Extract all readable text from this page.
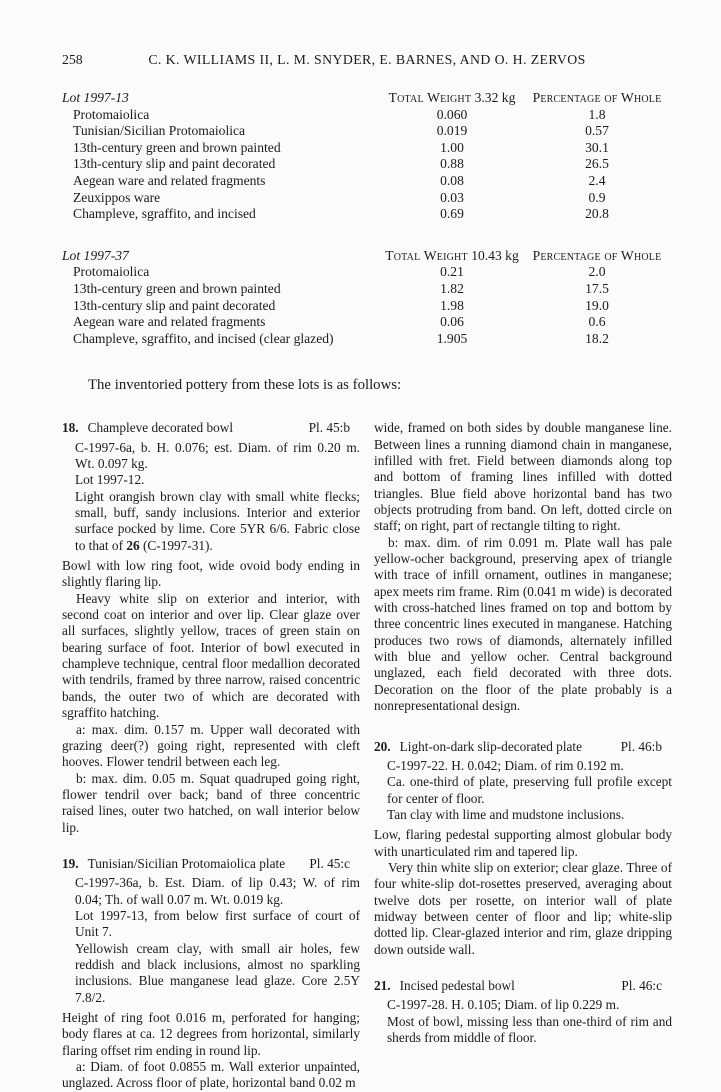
258	C. K. WILLIAMS II, L. M. SNYDER, E. BARNES, AND O. H. ZERVOS
Lot 1997-13	Total Weight 3.32 kg	Percentage of Whole
Protomaiolica	0.060	1.8
Tunisian/Sicilian Protomaiolica	0.019	0.57
13th-century green and brown painted	1.00	30.1
13th-century slip and paint decorated	0.88	26.5
Aegean ware and related fragments	0.08	2.4
Zeuxippos ware	0.03	0.9
Champleve, sgraffito, and incised	0.69	20.8
Lot 1997-37	Total Weight 10.43 kg	Percentage of Whole
Protomaiolica	0.21	2.0
13th-century green and brown painted	1.82	17.5
13th-century slip and paint decorated	1.98	19.0
Aegean ware and related fragments	0.06	0.6
Champleve, sgraffito, and incised (clear glazed)	1.905	18.2

The inventoried pottery from these lots is as follows:

18. Champleve decorated bowl	Pl. 45:b

C-1997-6a, b. H. 0.076; est. Diam. of rim 0.20 m. Wt. 0.097 kg.

Lot 1997-12.

Light orangish brown clay with small white flecks; small, buff, sandy inclusions. Interior and exterior surface pocked by lime. Core 5YR 6/6. Fabric close to that of 26 (C-1997-31).

Bowl with low ring foot, wide ovoid body ending in slightly flaring lip.

Heavy white slip on exterior and interior, with second coat on interior and over lip. Clear glaze over all surfaces, slightly yellow, traces of green stain on bearing surface of foot. Interior of bowl executed in champleve technique, central floor medallion decorated with tendrils, framed by three narrow, raised concentric bands, the outer two of which are decorated with sgraffito hatching.

a: max. dim. 0.157 m. Upper wall decorated with grazing deer(?) going right, represented with cleft hooves. Flower tendril between each leg.

b: max. dim. 0.05 m. Squat quadruped going right, flower tendril over back; band of three concentric raised lines, outer two hatched, on wall interior below lip.

19. Tunisian/Sicilian Protomaiolica plate	Pl. 45:c

C-1997-36a, b. Est. Diam. of lip 0.43; W. of rim 0.04; Th. of wall 0.07 m. Wt. 0.019 kg.

Lot 1997-13, from below first surface of court of Unit 7.

Yellowish cream clay, with small air holes, few reddish and black inclusions, almost no sparkling inclusions. Blue manganese lead glaze. Core 2.5Y 7.8/2.

Height of ring foot 0.016 m, perforated for hanging; body flares at ca. 12 degrees from horizontal, similarly flaring offset rim ending in round lip.

a: Diam. of foot 0.0855 m. Wall exterior unpainted, unglazed. Across floor of plate, horizontal band 0.02 m

wide, framed on both sides by double manganese line. Between lines a running diamond chain in manganese, infilled with fret. Field between diamonds along top and bottom of framing lines infilled with dotted triangles. Blue field above horizontal band has two objects protruding from band. On left, dotted circle on staff; on right, part of rectangle tilting to right.

b: max. dim. of rim 0.091 m. Plate wall has pale yellow-ocher background, preserving apex of triangle with trace of infill ornament, outlines in manganese; apex meets rim frame. Rim (0.041 m wide) is decorated with cross-hatched lines framed on top and bottom by three concentric lines executed in manganese. Hatching produces two rows of diamonds, alternately infilled with blue and yellow ocher. Central background unglazed, each field decorated with three dots. Decoration on the floor of the plate probably is a nonrepresentational design.

20. Light-on-dark slip-decorated plate	Pl. 46:b

C-1997-22. H. 0.042; Diam. of rim 0.192 m.

Ca. one-third of plate, preserving full profile except for center of floor.

Tan clay with lime and mudstone inclusions.

Low, flaring pedestal supporting almost globular body with unarticulated rim and tapered lip.

Very thin white slip on exterior; clear glaze. Three of four white-slip dot-rosettes preserved, averaging about twelve dots per rosette, on interior wall of plate midway between center of floor and lip; white-slip dotted lip. Clear-glazed interior and rim, glaze dripping down outside wall.

21. Incised pedestal bowl	Pl. 46:c

C-1997-28. H. 0.105; Diam. of lip 0.229 m.

Most of bowl, missing less than one-third of rim and sherds from middle of floor.
